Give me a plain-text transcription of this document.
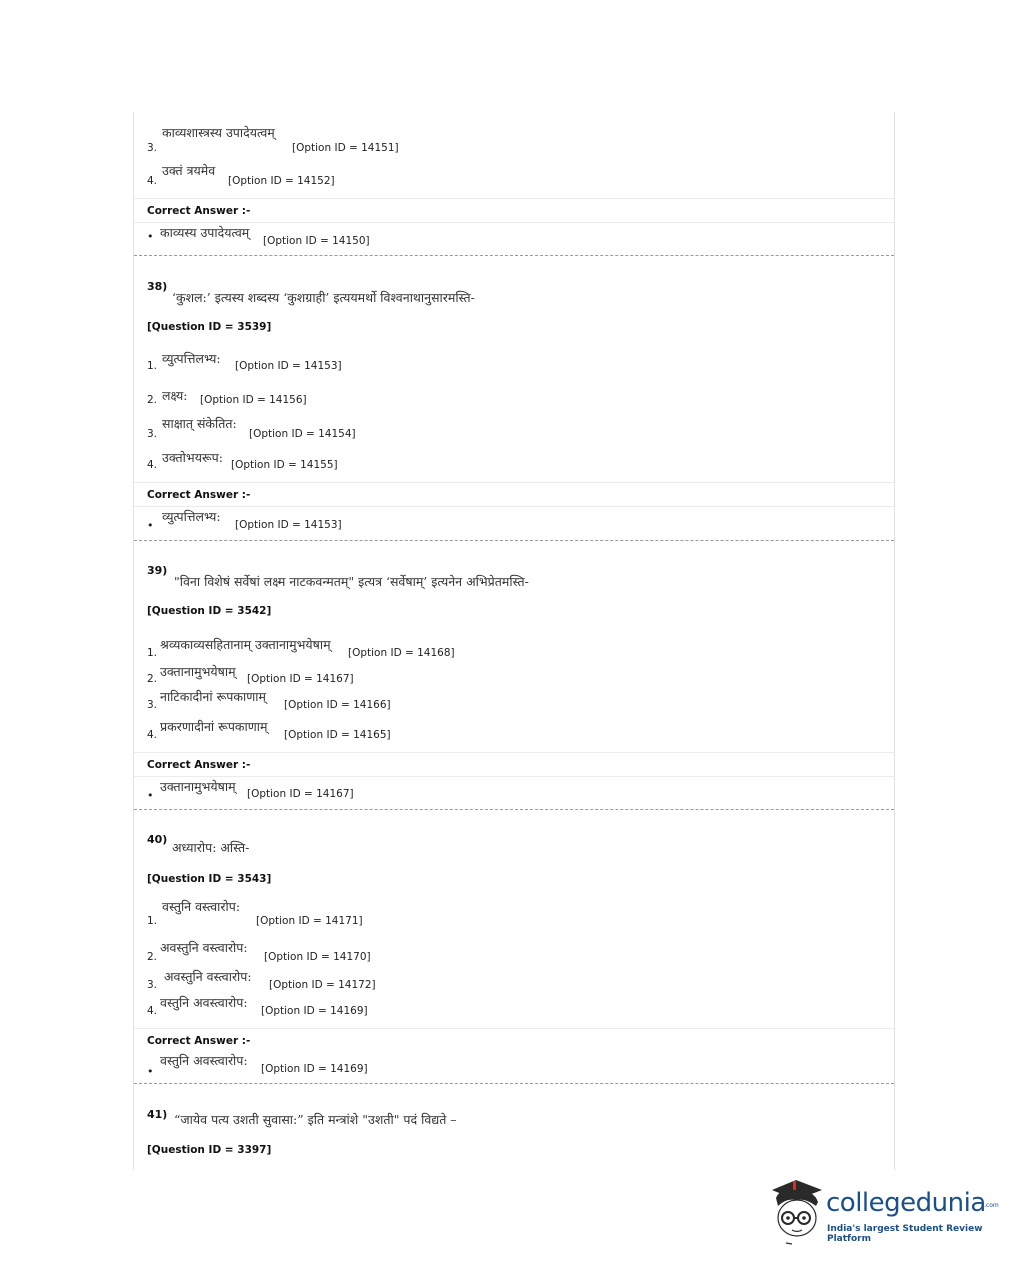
काव्यशास्त्रस्य उपादेयत्वम्
3.	[Option ID = 14151]
उक्तं त्रयमेव
4.	[Option ID = 14152]
Correct Answer :-
• काव्यस्य उपादेयत्वम्
[Option ID = 14150]
38)
‘कुशल:’ इत्यस्य शब्दस्य ‘कुशग्राही’ इत्ययमर्थो विश्वनाथानुसारमस्ति-
[Question ID = 3539]
व्युत्पत्तिलभ्य:
1.	[Option ID = 14153]
लक्ष्य:
2.	[Option ID = 14156]
साक्षात् संकेतित:
3.	[Option ID = 14154]
उक्तोभयरूप:
4.	[Option ID = 14155]
Correct Answer :-
•
व्युत्पत्तिलभ्य:
[Option ID = 14153]
39)
"विना विशेषं सर्वेषां लक्ष्म नाटकवन्मतम्" इत्यत्र ‘सर्वेषाम्’ इत्यनेन अभिप्रेतमस्ति-
[Question ID = 3542]
श्रव्यकाव्यसहितानाम् उक्तानामुभयेषाम्
1.	[Option ID = 14168]
उक्तानामुभयेषाम्
2.	[Option ID = 14167]
नाटिकादीनां रूपकाणाम्
3.	[Option ID = 14166]
प्रकरणादीनां रूपकाणाम्
4.	[Option ID = 14165]
Correct Answer :-
•
उक्तानामुभयेषाम् [Option ID = 14167]
40)
अध्यारोप: अस्ति-
[Question ID = 3543]
वस्तुनि वस्त्वारोप:
1.	[Option ID = 14171]
अवस्तुनि वस्त्वारोप:
2.	[Option ID = 14170]
अवस्तुनि वस्त्वारोप:
3.	[Option ID = 14172]
वस्तुनि अवस्त्वारोप:
4.	[Option ID = 14169]
Correct Answer :-
वस्तुनि अवस्त्वारोप:
•	[Option ID = 14169]
41) “जायेव पत्य उशती सुवासा:” इति मन्त्रांशे "उशती" पदं विद्यते –
[Question ID = 3397]
collegedunia
.com
India's largest Student Review Platform
